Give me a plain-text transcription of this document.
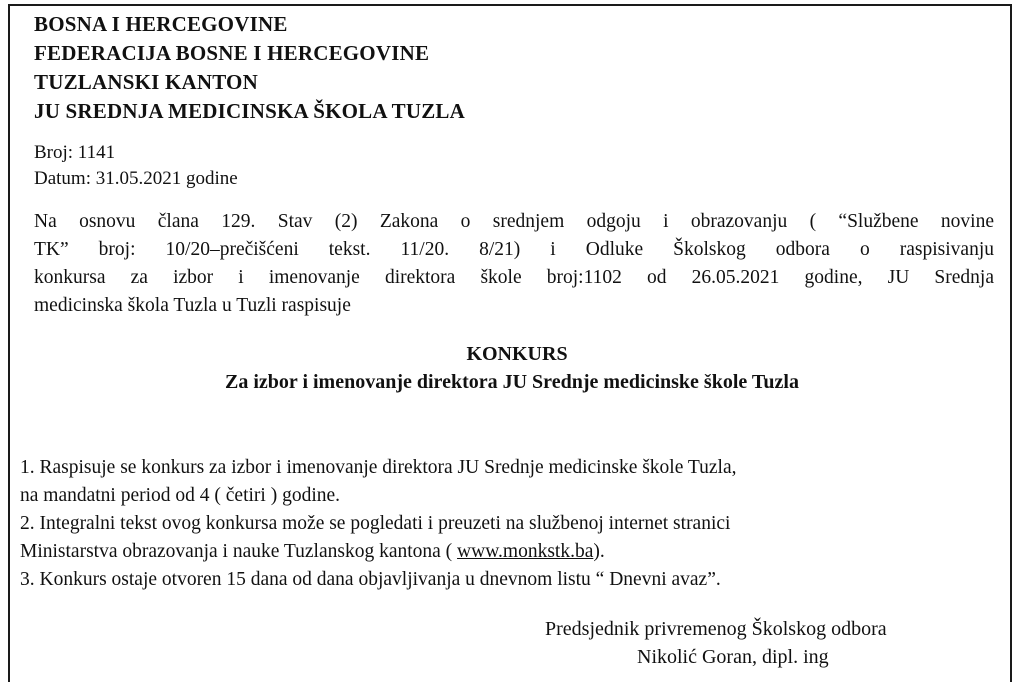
BOSNA I HERCEGOVINE
FEDERACIJA BOSNE I HERCEGOVINE
TUZLANSKI KANTON
JU SREDNJA MEDICINSKA ŠKOLA TUZLA
Broj: 1141
Datum: 31.05.2021 godine
Na osnovu člana 129. Stav (2) Zakona o srednjem odgoju i obrazovanju ( “Službene novine
TK” broj: 10/20–prečišćeni tekst. 11/20. 8/21) i Odluke Školskog odbora o raspisivanju
konkursa za izbor i imenovanje direktora škole broj:1102 od 26.05.2021 godine, JU Srednja
medicinska škola Tuzla u Tuzli raspisuje
KONKURS
Za izbor i imenovanje direktora JU Srednje medicinske škole Tuzla
1. Raspisuje se konkurs za izbor i imenovanje direktora JU Srednje medicinske škole Tuzla,
na mandatni period od 4 ( četiri ) godine.
2. Integralni tekst ovog konkursa može se pogledati i preuzeti na službenoj internet stranici
Ministarstva obrazovanja i nauke Tuzlanskog kantona ( www.monkstk.ba).
3. Konkurs ostaje otvoren 15 dana od dana objavljivanja u dnevnom listu “ Dnevni avaz”.
Predsjednik privremenog Školskog odbora
Nikolić Goran, dipl. ing
